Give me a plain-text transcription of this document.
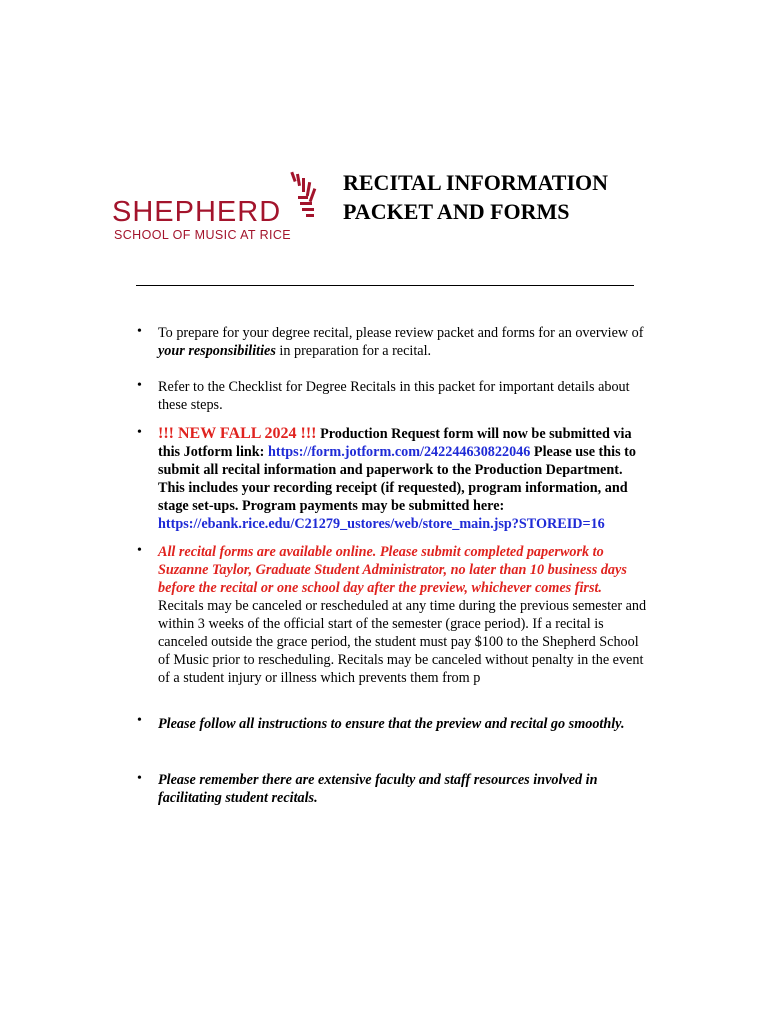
SHEPHERD
SCHOOL OF MUSIC AT RICE
RECITAL INFORMATION
PACKET AND FORMS
• To prepare for your degree recital, please review packet and forms for an overview of your responsibilities in preparation for a recital.
• Refer to the Checklist for Degree Recitals in this packet for important details about these steps.
• !!! NEW FALL 2024 !!! Production Request form will now be submitted via this Jotform link: https://form.jotform.com/242244630822046 Please use this to submit all recital information and paperwork to the Production Department. This includes your recording receipt (if requested), program information, and stage set-ups. Program payments may be submitted here: https://ebank.rice.edu/C21279_ustores/web/store_main.jsp?STOREID=16
• All recital forms are available online. Please submit completed paperwork to Suzanne Taylor, Graduate Student Administrator, no later than 10 business days before the recital or one school day after the preview, whichever comes first. Recitals may be canceled or rescheduled at any time during the previous semester and within 3 weeks of the official start of the semester (grace period). If a recital is canceled outside the grace period, the student must pay $100 to the Shepherd School of Music prior to rescheduling. Recitals may be canceled without penalty in the event of a student injury or illness which prevents them from p
• Please follow all instructions to ensure that the preview and recital go smoothly.
• Please remember there are extensive faculty and staff resources involved in facilitating student recitals.
